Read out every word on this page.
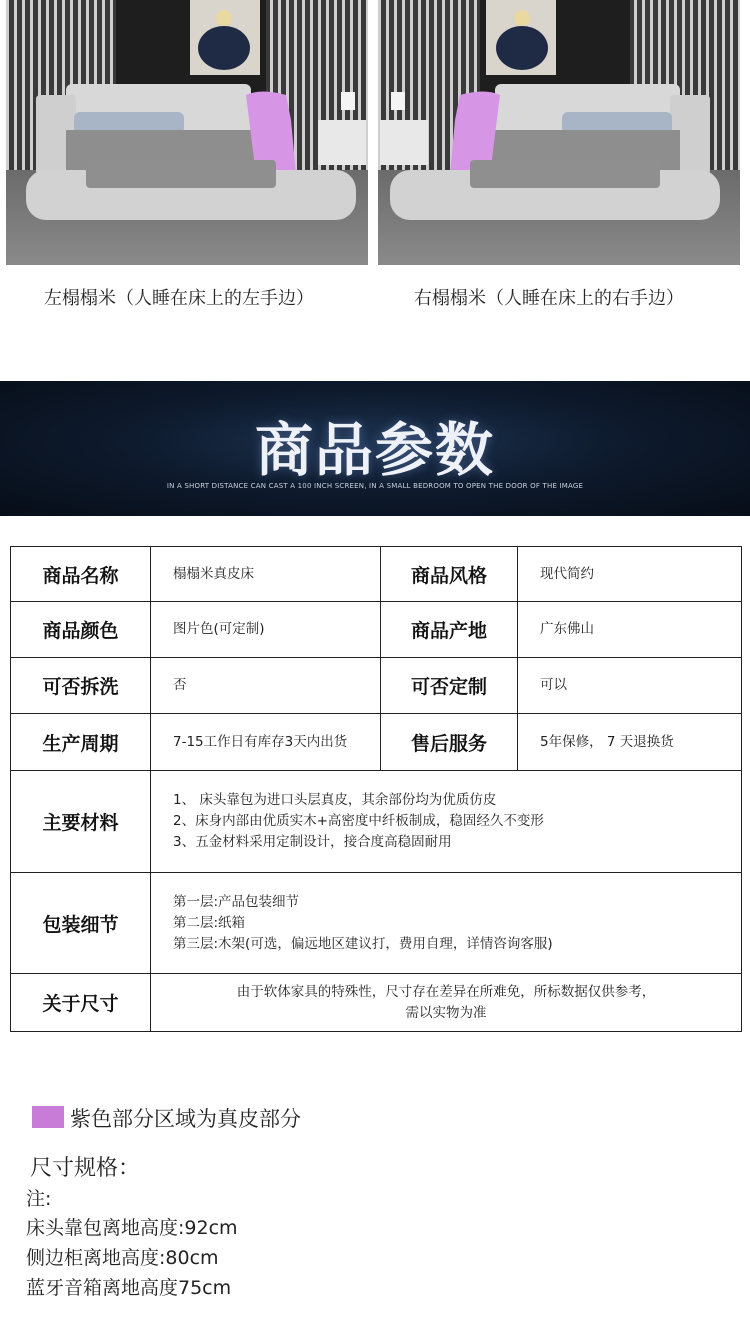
左榻榻米（人睡在床上的左手边）	右榻榻米（人睡在床上的右手边）
商品参数
IN A SHORT DISTANCE CAN CAST A 100 INCH SCREEN, IN A SMALL BEDROOM TO OPEN THE DOOR OF THE IMAGE
商品名称	榻榻米真皮床	商品风格	现代简约
商品颜色	图片色(可定制)	商品产地	广东佛山
可否拆洗	否	可否定制	可以
生产周期	7-15工作日有库存3天内出货	售后服务	5年保修， 7 天退换货
主要材料	1、 床头靠包为进口头层真皮，其余部份均为优质仿皮
2、床身内部由优质实木+高密度中纤板制成，稳固经久不变形
3、五金材料采用定制设计，接合度高稳固耐用		

包装细节	第一层:产品包装细节
第二层:纸箱
第三层:木架(可选，偏远地区建议打，费用自理，详情咨询客服)		

关于尺寸	由于软体家具的特殊性，尺寸存在差异在所难免，所标数据仅供参考，
需以实物为准		
紫色部分区域为真皮部分
尺寸规格：
注:
床头靠包离地高度:92cm
侧边柜离地高度:80cm
蓝牙音箱离地高度75cm
